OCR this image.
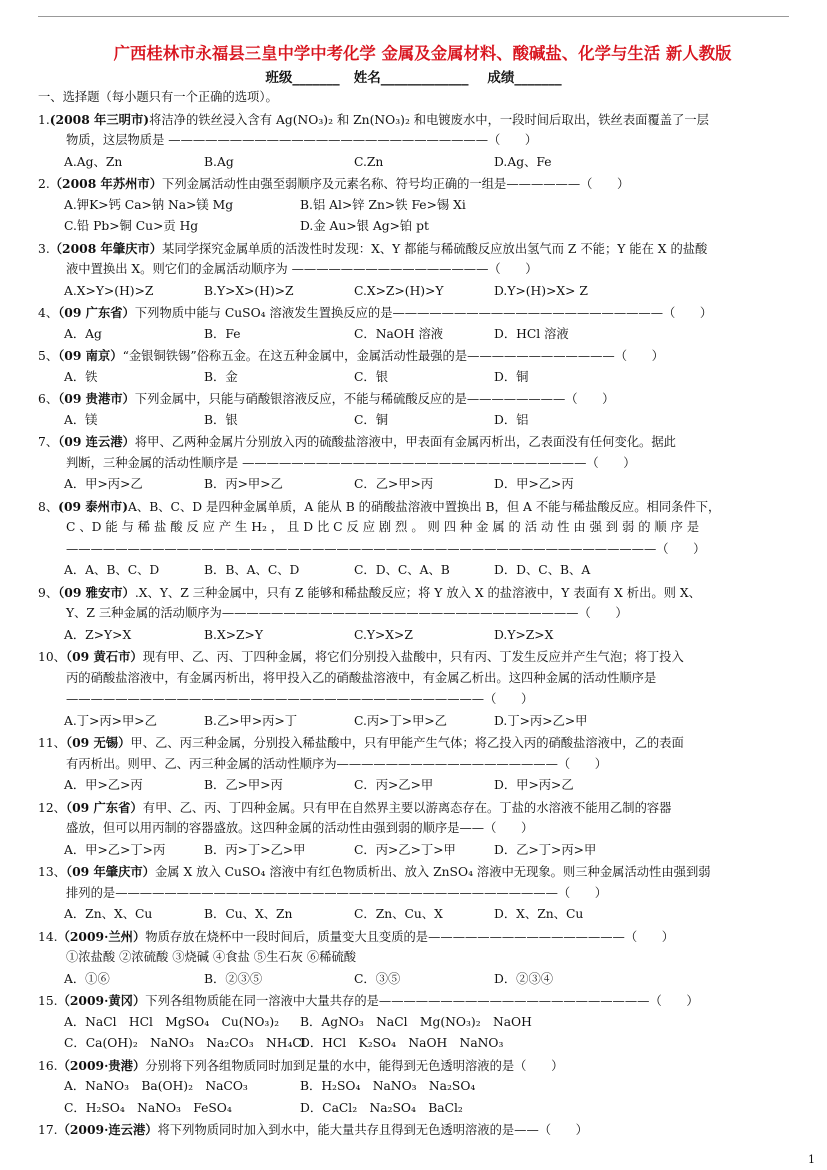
广西桂林市永福县三皇中学中考化学 金属及金属材料、酸碱盐、化学与生活 新人教版
班级_______   姓名_____________    成绩_______
一、选择题（每小题只有一个正确的选项）。
1.(2008 年三明市)将洁净的铁丝浸入含有 Ag(NO₃)₂ 和 Zn(NO₃)₂ 和电镀废水中，一段时间后取出，铁丝表面覆盖了一层
物质，这层物质是 ——————————————————————————（　　）
A.Ag、Zn	B.Ag	C.Zn	D.Ag、Fe
2.（2008 年苏州市）下列金属活动性由强至弱顺序及元素名称、符号均正确的一组是——————（　　）
A.钾K>钙 Ca>钠 Na>镁 Mg	B.铝 Al>锌 Zn>铁 Fe>锡 Xi
C.铅 Pb>铜 Cu>贡 Hg	D.金 Au>银 Ag>铂 pt
3.（2008 年肇庆市）某同学探究金属单质的活泼性时发现：X、Y 都能与稀硫酸反应放出氢气而 Z 不能；Y 能在 X 的盐酸
液中置换出 X。则它们的金属活动顺序为 ————————————————（　　）
A.X>Y>(H)>Z	B.Y>X>(H)>Z	C.X>Z>(H)>Y	D.Y>(H)>X> Z
4、（09 广东省）下列物质中能与 CuSO₄ 溶液发生置换反应的是——————————————————————（　　）
A．Ag	B．Fe	C．NaOH 溶液	D．HCl 溶液
5、（09 南京）“金银铜铁锡”俗称五金。在这五种金属中，金属活动性最强的是————————————（　　）
A．铁	B．金	C．银	D．铜
6、（09 贵港市）下列金属中，只能与硝酸银溶液反应，不能与稀硫酸反应的是————————（　　）
A．镁	B．银	C．铜	D．铝
7、（09 连云港）将甲、乙两种金属片分别放入丙的硫酸盐溶液中，甲表面有金属丙析出，乙表面没有任何变化。据此
判断，三种金属的活动性顺序是 ————————————————————————————（　　）
A．甲>丙>乙	B．丙>甲>乙	C．乙>甲>丙	D．甲>乙>丙
8、(09 泰州市)A、B、C、D 是四种金属单质，A 能从 B 的硝酸盐溶液中置换出 B，但 A 不能与稀盐酸反应。相同条件下，
C 、D 能 与 稀 盐 酸 反 应 产 生 H₂ ， 且 D 比 C 反 应 剧 烈 。 则 四 种 金 属 的 活 动 性 由 强 到 弱 的 顺 序 是
————————————————————————————————————————————————（　　）
A．A、B、C、D	B．B、A、C、D	C．D、C、A、B	D．D、C、B、A
9、（09 雅安市）.X、Y、Z 三种金属中，只有 Z 能够和稀盐酸反应；将 Y 放入 X 的盐溶液中，Y 表面有 X 析出。则 X、
Y、Z 三种金属的活动顺序为—————————————————————————————（　　）
A．Z>Y>X	B.X>Z>Y	C.Y>X>Z	D.Y>Z>X
10、（09 黄石市）现有甲、乙、丙、丁四种金属，将它们分别投入盐酸中，只有丙、丁发生反应并产生气泡；将丁投入
丙的硝酸盐溶液中，有金属丙析出，将甲投入乙的硝酸盐溶液中，有金属乙析出。这四种金属的活动性顺序是
——————————————————————————————————（　　）
A.丁>丙>甲>乙	B.乙>甲>丙>丁	C.丙>丁>甲>乙	D.丁>丙>乙>甲
11、（09 无锡）甲、乙、丙三种金属，分别投入稀盐酸中，只有甲能产生气体；将乙投入丙的硝酸盐溶液中，乙的表面
有丙析出。则甲、乙、丙三种金属的活动性顺序为——————————————————（　　）
A．甲>乙>丙	B．乙>甲>丙	C．丙>乙>甲	D．甲>丙>乙
12、（09 广东省）有甲、乙、丙、丁四种金属。只有甲在自然界主要以游离态存在。丁盐的水溶液不能用乙制的容器
盛放，但可以用丙制的容器盛放。这四种金属的活动性由强到弱的顺序是——（　　）
A．甲>乙>丁>丙	B．丙>丁>乙>甲	C．丙>乙>丁>甲	D．乙>丁>丙>甲
13、（09 年肇庆市）金属 X 放入 CuSO₄ 溶液中有红色物质析出、放入 ZnSO₄ 溶液中无现象。则三种金属活动性由强到弱
排列的是————————————————————————————————————（　　）
A．Zn、X、Cu	B．Cu、X、Zn	C．Zn、Cu、X	D．X、Zn、Cu
14.（2009·兰州）物质存放在烧杯中一段时间后，质量变大且变质的是————————————————（　　）
①浓盐酸 ②浓硫酸 ③烧碱 ④食盐 ⑤生石灰 ⑥稀硫酸
A．①⑥	B．②③⑤	C．③⑤	D．②③④
15.（2009·黄冈）下列各组物质能在同一溶液中大量共存的是——————————————————————（　　）
A．NaCl　HCl　MgSO₄　Cu(NO₃)₂	B．AgNO₃　NaCl　Mg(NO₃)₂　NaOH
C．Ca(OH)₂　NaNO₃　Na₂CO₃　NH₄Cl
D．HCl　K₂SO₄　NaOH　NaNO₃
16.（2009·贵港）分别将下列各组物质同时加到足量的水中，能得到无色透明溶液的是（　　）
A．NaNO₃　Ba(OH)₂　NaCO₃	B．H₂SO₄　NaNO₃　Na₂SO₄
C．H₂SO₄　NaNO₃　FeSO₄	D．CaCl₂　Na₂SO₄　BaCl₂
17.（2009·连云港）将下列物质同时加入到水中，能大量共存且得到无色透明溶液的是——（　　）
1
